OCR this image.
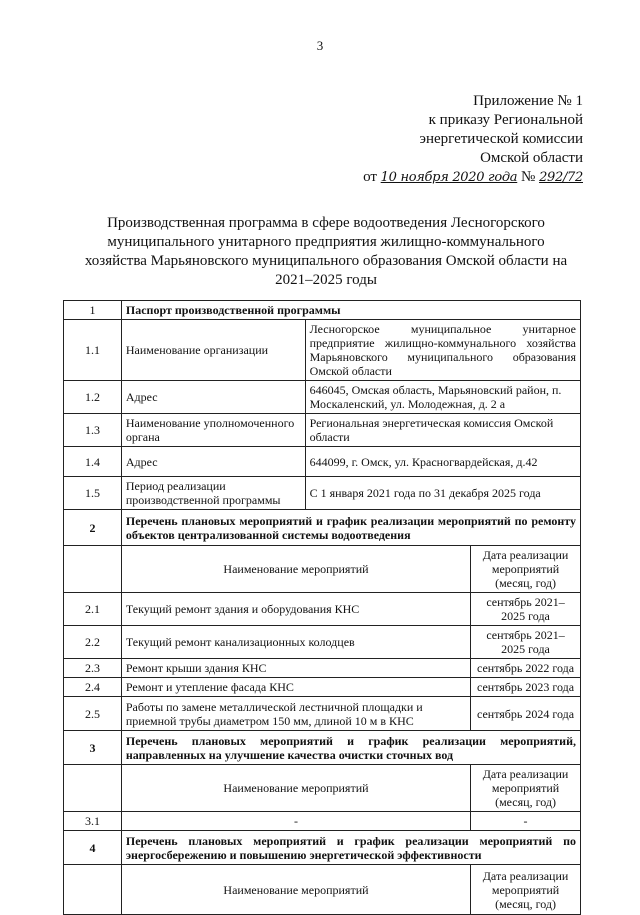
3
Приложение № 1
к приказу Региональной
энергетической комиссии
Омской области
от 10 ноября 2020 года № 292/72
Производственная программа в сфере водоотведения Лесногорского муниципального унитарного предприятия жилищно-коммунального хозяйства Марьяновского муниципального образования Омской области на 2021–2025 годы
1	Паспорт производственной программы		
1.1	Наименование организации	Лесногорское муниципальное унитарное предприятие жилищно-коммунального хозяйства Марьяновского муниципального образования Омской области	
1.2	Адрес	646045, Омская область, Марьяновский район, п. Москаленский, ул. Молодежная, д. 2 а	
1.3	Наименование уполномоченного органа	Региональная энергетическая комиссия Омской области	
1.4	Адрес	644099, г. Омск, ул. Красногвардейская, д.42	
1.5	Период реализации производственной программы	С 1 января 2021 года по 31 декабря 2025 года	
2	Перечень плановых мероприятий и график реализации мероприятий по ремонту объектов централизованной системы водоотведения		
	Наименование мероприятий		Дата реализации мероприятий (месяц, год)
2.1	Текущий ремонт здания и оборудования КНС		сентябрь 2021–2025 года
2.2	Текущий ремонт канализационных колодцев		сентябрь 2021–2025 года
2.3	Ремонт крыши здания КНС		сентябрь 2022 года
2.4	Ремонт и утепление фасада КНС		сентябрь 2023 года
2.5	Работы по замене металлической лестничной площадки и приемной трубы диаметром 150 мм, длиной 10 м в КНС		сентябрь 2024 года
3	Перечень плановых мероприятий и график реализации мероприятий, направленных на улучшение качества очистки сточных вод		
	Наименование мероприятий		Дата реализации мероприятий (месяц, год)
3.1	-		-
4	Перечень плановых мероприятий и график реализации мероприятий по энергосбережению и повышению энергетической эффективности		
	Наименование мероприятий		Дата реализации мероприятий (месяц, год)
